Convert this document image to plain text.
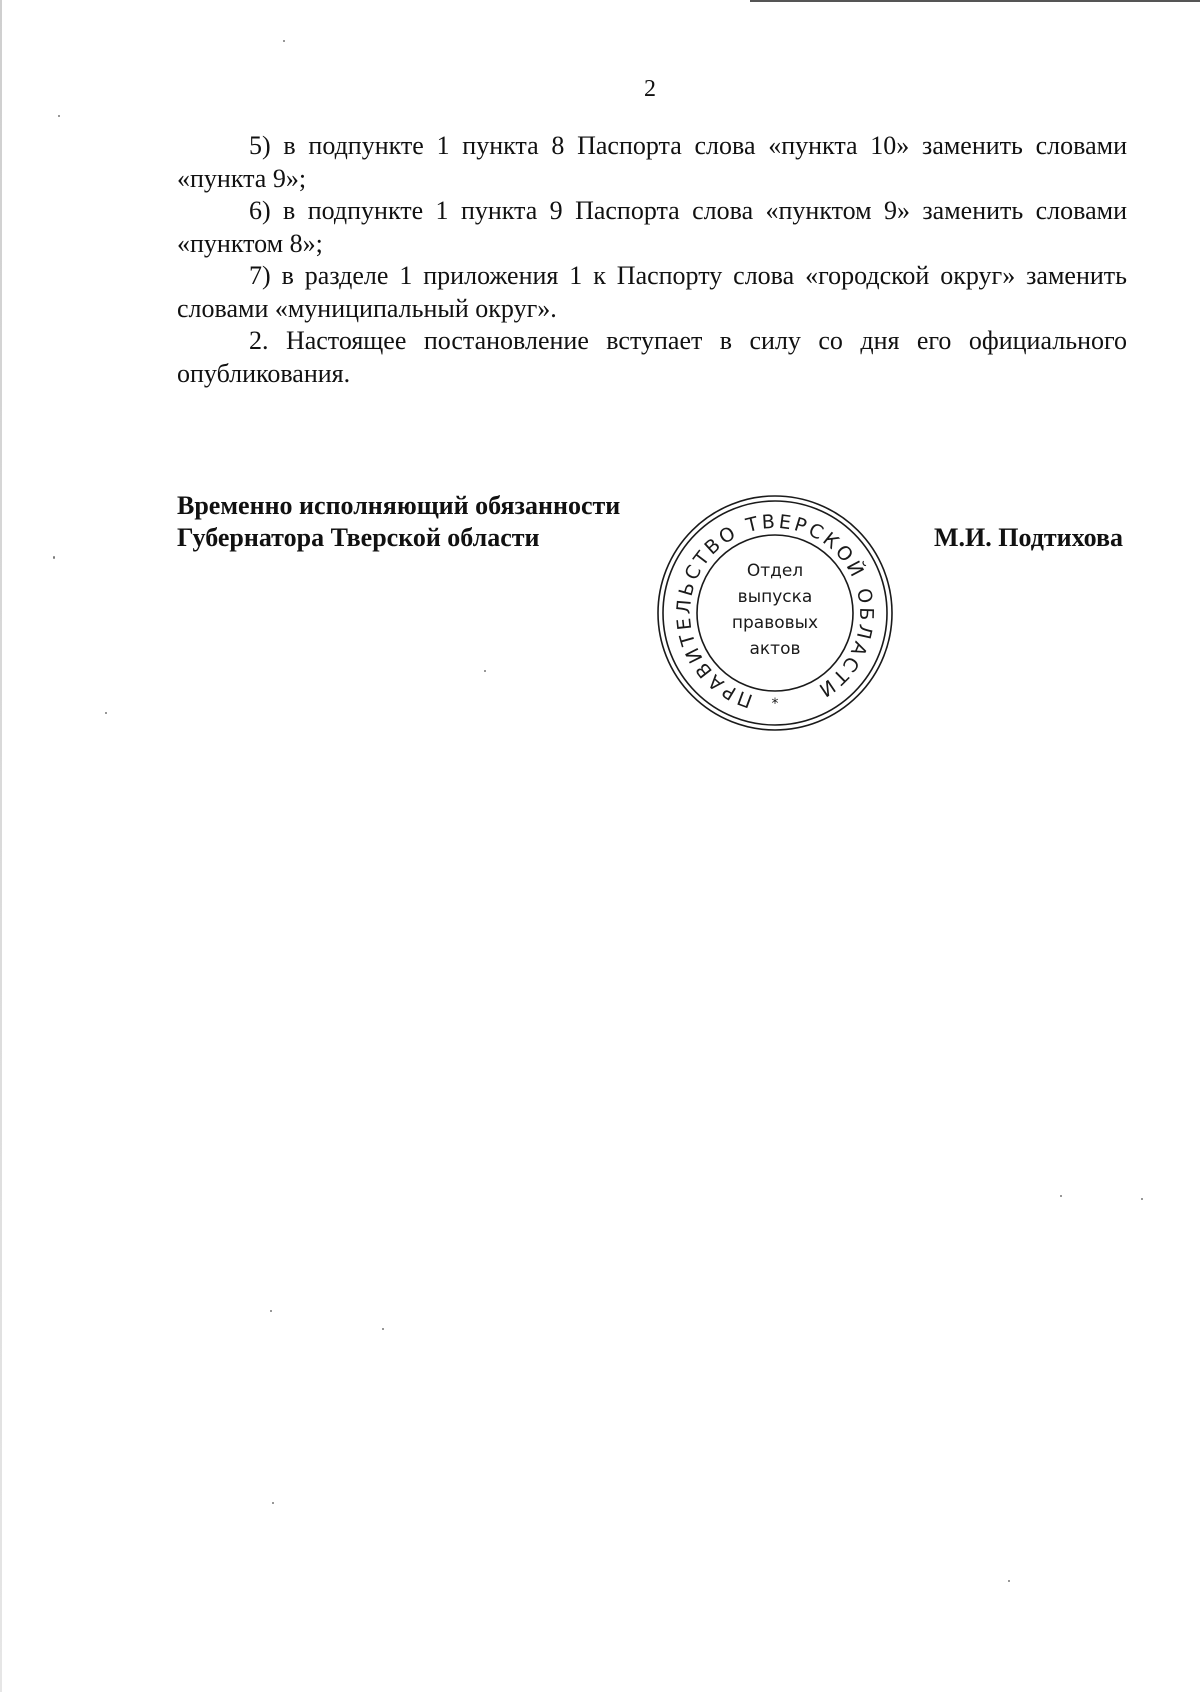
2

5) в подпункте 1 пункта 8 Паспорта слова «пункта 10» заменить словами «пункта 9»;

6) в подпункте 1 пункта 9 Паспорта слова «пунктом 9» заменить словами «пунктом 8»;

7) в разделе 1 приложения 1 к Паспорту слова «городской округ» заменить словами «муниципальный округ».

2. Настоящее постановление вступает в силу со дня его официального опубликования.

Временно исполняющий обязанности
Губернатора Тверской области	М.И. Подтихова
ПРАВИТЕЛЬСТВО ТВЕРСКОЙ ОБЛАСТИ
Отдел
выпуска
правовых
актов
*
